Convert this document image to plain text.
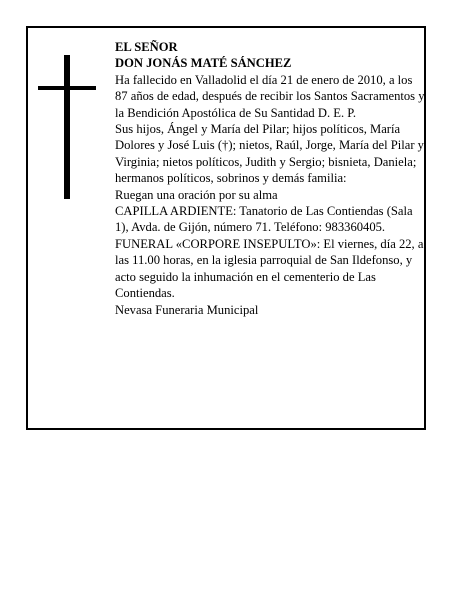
EL SEÑOR

DON JONÁS MATÉ SÁNCHEZ

Ha fallecido en Valladolid el día 21 de enero de 2010, a los 87 años de edad, después de recibir los Santos Sacramentos y la Bendición Apostólica de Su Santidad D. E. P.

Sus hijos, Ángel y María del Pilar; hijos políticos, María Dolores y José Luis (†); nietos, Raúl, Jorge, María del Pilar y Virginia; nietos políticos, Judith y Sergio; bisnieta, Daniela; hermanos políticos, sobrinos y demás familia:

Ruegan una oración por su alma

CAPILLA ARDIENTE: Tanatorio de Las Contiendas (Sala 1), Avda. de Gijón, número 71. Teléfono: 983360405.

FUNERAL «CORPORE INSEPULTO»: El viernes, día 22, a las 11.00 horas, en la iglesia parroquial de San Ildefonso, y acto seguido la inhumación en el cementerio de Las Contiendas.

Nevasa Funeraria Municipal
